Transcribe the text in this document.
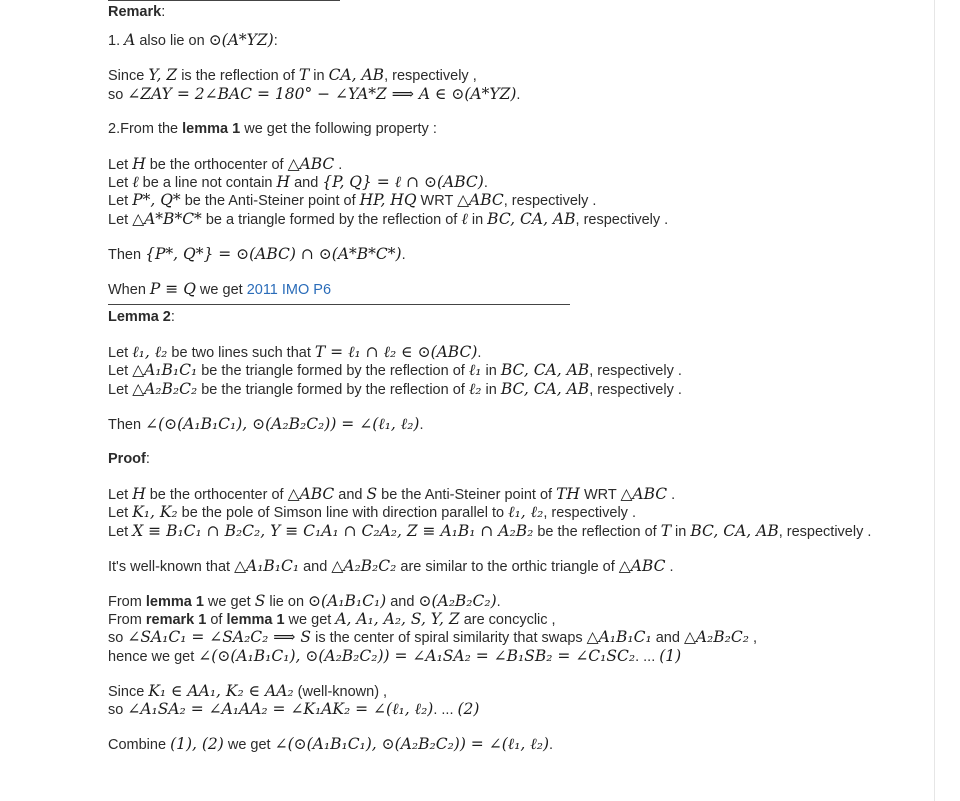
Remark:
1. A also lie on ⊙(A*YZ):
Since Y, Z is the reflection of T in CA, AB, respectively ,
so ∠ZAY = 2∠BAC = 180° − ∠YA*Z ⟹ A ∈ ⊙(A*YZ).
2.From the lemma 1 we get the following property :
Let H be the orthocenter of △ABC .
Let ℓ be a line not contain H and {P, Q} = ℓ ∩ ⊙(ABC).
Let P*, Q* be the Anti-Steiner point of HP, HQ WRT △ABC, respectively .
Let △A*B*C* be a triangle formed by the reflection of ℓ in BC, CA, AB, respectively .
Then {P*, Q*} = ⊙(ABC) ∩ ⊙(A*B*C*).
When P ≡ Q we get 2011 IMO P6
Lemma 2:
Let ℓ₁, ℓ₂ be two lines such that T = ℓ₁ ∩ ℓ₂ ∈ ⊙(ABC).
Let △A₁B₁C₁ be the triangle formed by the reflection of ℓ₁ in BC, CA, AB, respectively .
Let △A₂B₂C₂ be the triangle formed by the reflection of ℓ₂ in BC, CA, AB, respectively .
Then ∠(⊙(A₁B₁C₁), ⊙(A₂B₂C₂)) = ∠(ℓ₁, ℓ₂).
Proof:
Let H be the orthocenter of △ABC and S be the Anti-Steiner point of TH WRT △ABC .
Let K₁, K₂ be the pole of Simson line with direction parallel to ℓ₁, ℓ₂, respectively .
Let X ≡ B₁C₁ ∩ B₂C₂, Y ≡ C₁A₁ ∩ C₂A₂, Z ≡ A₁B₁ ∩ A₂B₂ be the reflection of T in BC, CA, AB, respectively .
It's well-known that △A₁B₁C₁ and △A₂B₂C₂ are similar to the orthic triangle of △ABC .
From lemma 1 we get S lie on ⊙(A₁B₁C₁) and ⊙(A₂B₂C₂).
From remark 1 of lemma 1 we get A, A₁, A₂, S, Y, Z are concyclic ,
so ∠SA₁C₁ = ∠SA₂C₂ ⟹ S is the center of spiral similarity that swaps △A₁B₁C₁ and △A₂B₂C₂ ,
hence we get ∠(⊙(A₁B₁C₁), ⊙(A₂B₂C₂)) = ∠A₁SA₂ = ∠B₁SB₂ = ∠C₁SC₂. ... (1)
Since K₁ ∈ AA₁, K₂ ∈ AA₂ (well-known) ,
so ∠A₁SA₂ = ∠A₁AA₂ = ∠K₁AK₂ = ∠(ℓ₁, ℓ₂). ... (2)
Combine (1), (2) we get ∠(⊙(A₁B₁C₁), ⊙(A₂B₂C₂)) = ∠(ℓ₁, ℓ₂).
